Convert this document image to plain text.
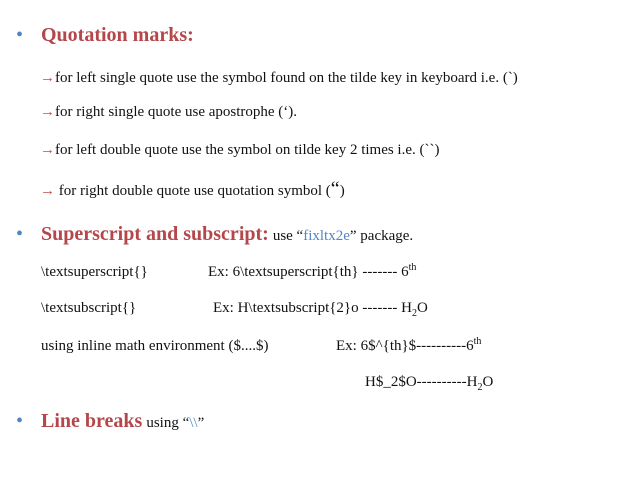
• Quotation marks:
→for left single quote use the symbol found on the tilde key in keyboard i.e. (`)
→for right single quote use apostrophe (‘).
→for left double quote use the symbol on tilde key 2 times i.e. (``)
→ for right double quote use quotation symbol (“)
• Superscript and subscript: use “fixltx2e” package.
\textsuperscript{}	Ex: 6\textsuperscript{th} ------- 6th
\textsubscript{}	Ex: H\textsubscript{2}o ------- $H_2O$
using inline math environment ($....$)	Ex: 6$^{th}$----------6th
$H\$\_2\$O----------H_2O$
• Line breaks using “\\”
